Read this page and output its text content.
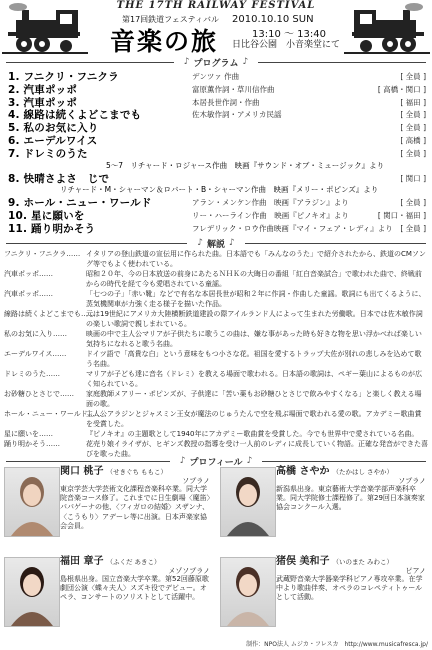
THE 17TH RAILWAY FESTIVAL
第17回鉄道フェスティバル
音楽の旅
2010.10.10 SUN
13:10 ～ 13:40
日比谷公園　小音楽堂にて
♪ プログラム ♪
1. フニクリ・フニクラ	デンツァ 作曲	[ 全員 ]
2. 汽車ポッポ	富原薫作詞・草川信作曲	[ 高橋・関口 ]
3. 汽車ポッポ	本居長世作詞・作曲	[ 福田 ]
4. 線路は続くよどこまでも	佐木敏作詞・アメリカ民謡	[ 全員 ]
5. 私のお気に入り	[ 全員 ]
6. エーデルワイス	[ 高橋 ]
7. ドレミのうた	[ 全員 ]
5～7　リチャード・ロジャース作曲　映画『サウンド・オブ・ミュージック』より
8. 快晴さよさ　じで	[ 関口 ]
リチャード・M・シャーマン＆ロバート・B・シャーマン作曲　映画『メリー・ポピンズ』より
9. ホール・ニュー・ワールド	アラン・メンケン作曲　映画『アラジン』より	[ 全員 ]
10. 星に願いを	リー・ハーライン作曲　映画『ピノキオ』より	[ 関口・福田 ]
11. 踊り明かそう	フレデリック・ロウ作曲映画『マイ・フェア・レディ』より [ 全員 ]
♪ 解説 ♪
フニクリ・フニクラ…… イタリアの登山鉄道の宣伝用に作られた曲。日本語でも「みんなのうた」で紹介されたから、鉄道のCMソング等でもよく使われている。
汽車ポッポ……	昭和２０年、今の日本放送の前身にあたるＮＨＫの大晦日の番組「紅白音楽試合」で歌われた曲で、終戦前からの時代を経て今も愛唱されている童謡。
汽車ポッポ……	「七つの子」「赤い靴」などで有名な本居長世が昭和２年に作詞・作曲した童謡。歌詞にも出てくるように、蒸気機関車が力強く走る様子を描いた作品。
線路は続くよどこまでも……
元は19世紀にアメリカ大陸横断鉄道建設の際アイルランド人によって生まれた労働歌。日本では佐木敏作詞の楽しい歌詞で親しまれている。
私のお気に入り……	映画の中で主人公マリアが子供たちに歌うこの曲は、嫌な事があった時も好きな物を思い浮かべれば楽しい気持ちになれると歌う名曲。
エーデルワイス……	ドイツ語で「高貴な白」という意味をもつ小さな花。祖国を愛するトラップ大佐が別れの悲しみを込めて歌う名曲。
ドレミのうた……	マリアが子ども達に音名（ドレミ）を教える場面で歌われる。日本語の歌詞は、ペギー葉山によるものが広く知られている。
お砂糖ひとさじで……	家庭教師メアリー・ポピンズが、子供達に「苦い薬もお砂糖ひとさじで飲みやすくなる」と楽しく教える場面の歌。
ホール・ニュー・ワールド……
主人公アラジンとジャスミン王女が魔法のじゅうたんで空を飛ぶ場面で歌われる愛の歌。アカデミー歌曲賞を受賞した。
星に願いを……	『ピノキオ』の主題歌として1940年にアカデミー歌曲賞を受賞した。今でも世界中で愛されている名曲。
踊り明かそう……	花売り娘イライザが、ヒギンズ教授の指導を受け一人前のレディに成長していく物語。正確な発音ができた喜びを歌った曲。
♪ プロフィール ♪
関口 桃子 （せきぐち ももこ）
ソプラノ
東京学芸大学芸術文化課程音楽科卒業。同大学院音楽コース修了。これまでに日生劇場〈魔笛〉パパゲーナの他、〈フィガロの結婚〉スザンナ、〈こうもり〉アデーレ等に出演。日本声楽家協会会員。
高橋 さやか （たかはし さやか）
ソプラノ
新潟県出身。東京藝術大学音楽学部声楽科卒業。同大学院修士課程修了。第29回日本演奏家協会コンクール入選。
福田 章子 （ふくだ あきこ）
メゾソプラノ
島根県出身。国立音楽大学卒業。第52回藤原歌劇団公演〈蝶々夫人〉スズキ役でデビュー。オペラ、コンサートのソリストとして活躍中。
猪俣 美和子 （いのまた みわこ）
ピアノ
武蔵野音楽大学器楽学科ピアノ専攻卒業。在学中より歌曲伴奏、オペラのコレペティトゥールとして活動。
制作：NPO法人 ムジカ・フレスカ　http://www.musicafresca.jp/
